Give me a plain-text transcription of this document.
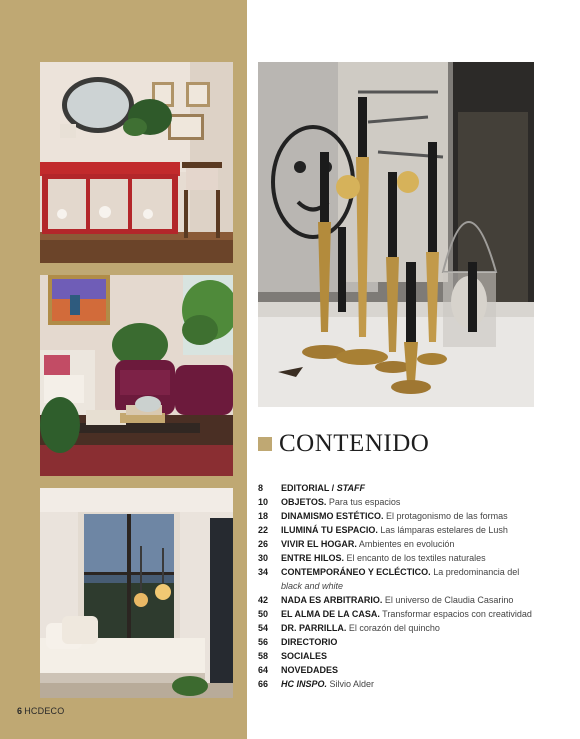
6 HCDECO
CONTENIDO
8	EDITORIAL / STAFF
10	OBJETOS. Para tus espacios
18	DINAMISMO ESTÉTICO. El protagonismo de las formas
22	ILUMINÁ TU ESPACIO. Las lámparas estelares de Lush
26	VIVIR EL HOGAR. Ambientes en evolución
30	ENTRE HILOS. El encanto de los textiles naturales
34	CONTEMPORÁNEO Y ECLÉCTICO. La predominancia del
black and white
42	NADA ES ARBITRARIO. El universo de Claudia Casarino
50	EL ALMA DE LA CASA. Transformar espacios con creatividad
54	DR. PARRILLA. El corazón del quincho
56	DIRECTORIO
58	SOCIALES
64	NOVEDADES
66	HC INSPO. Silvio Alder
